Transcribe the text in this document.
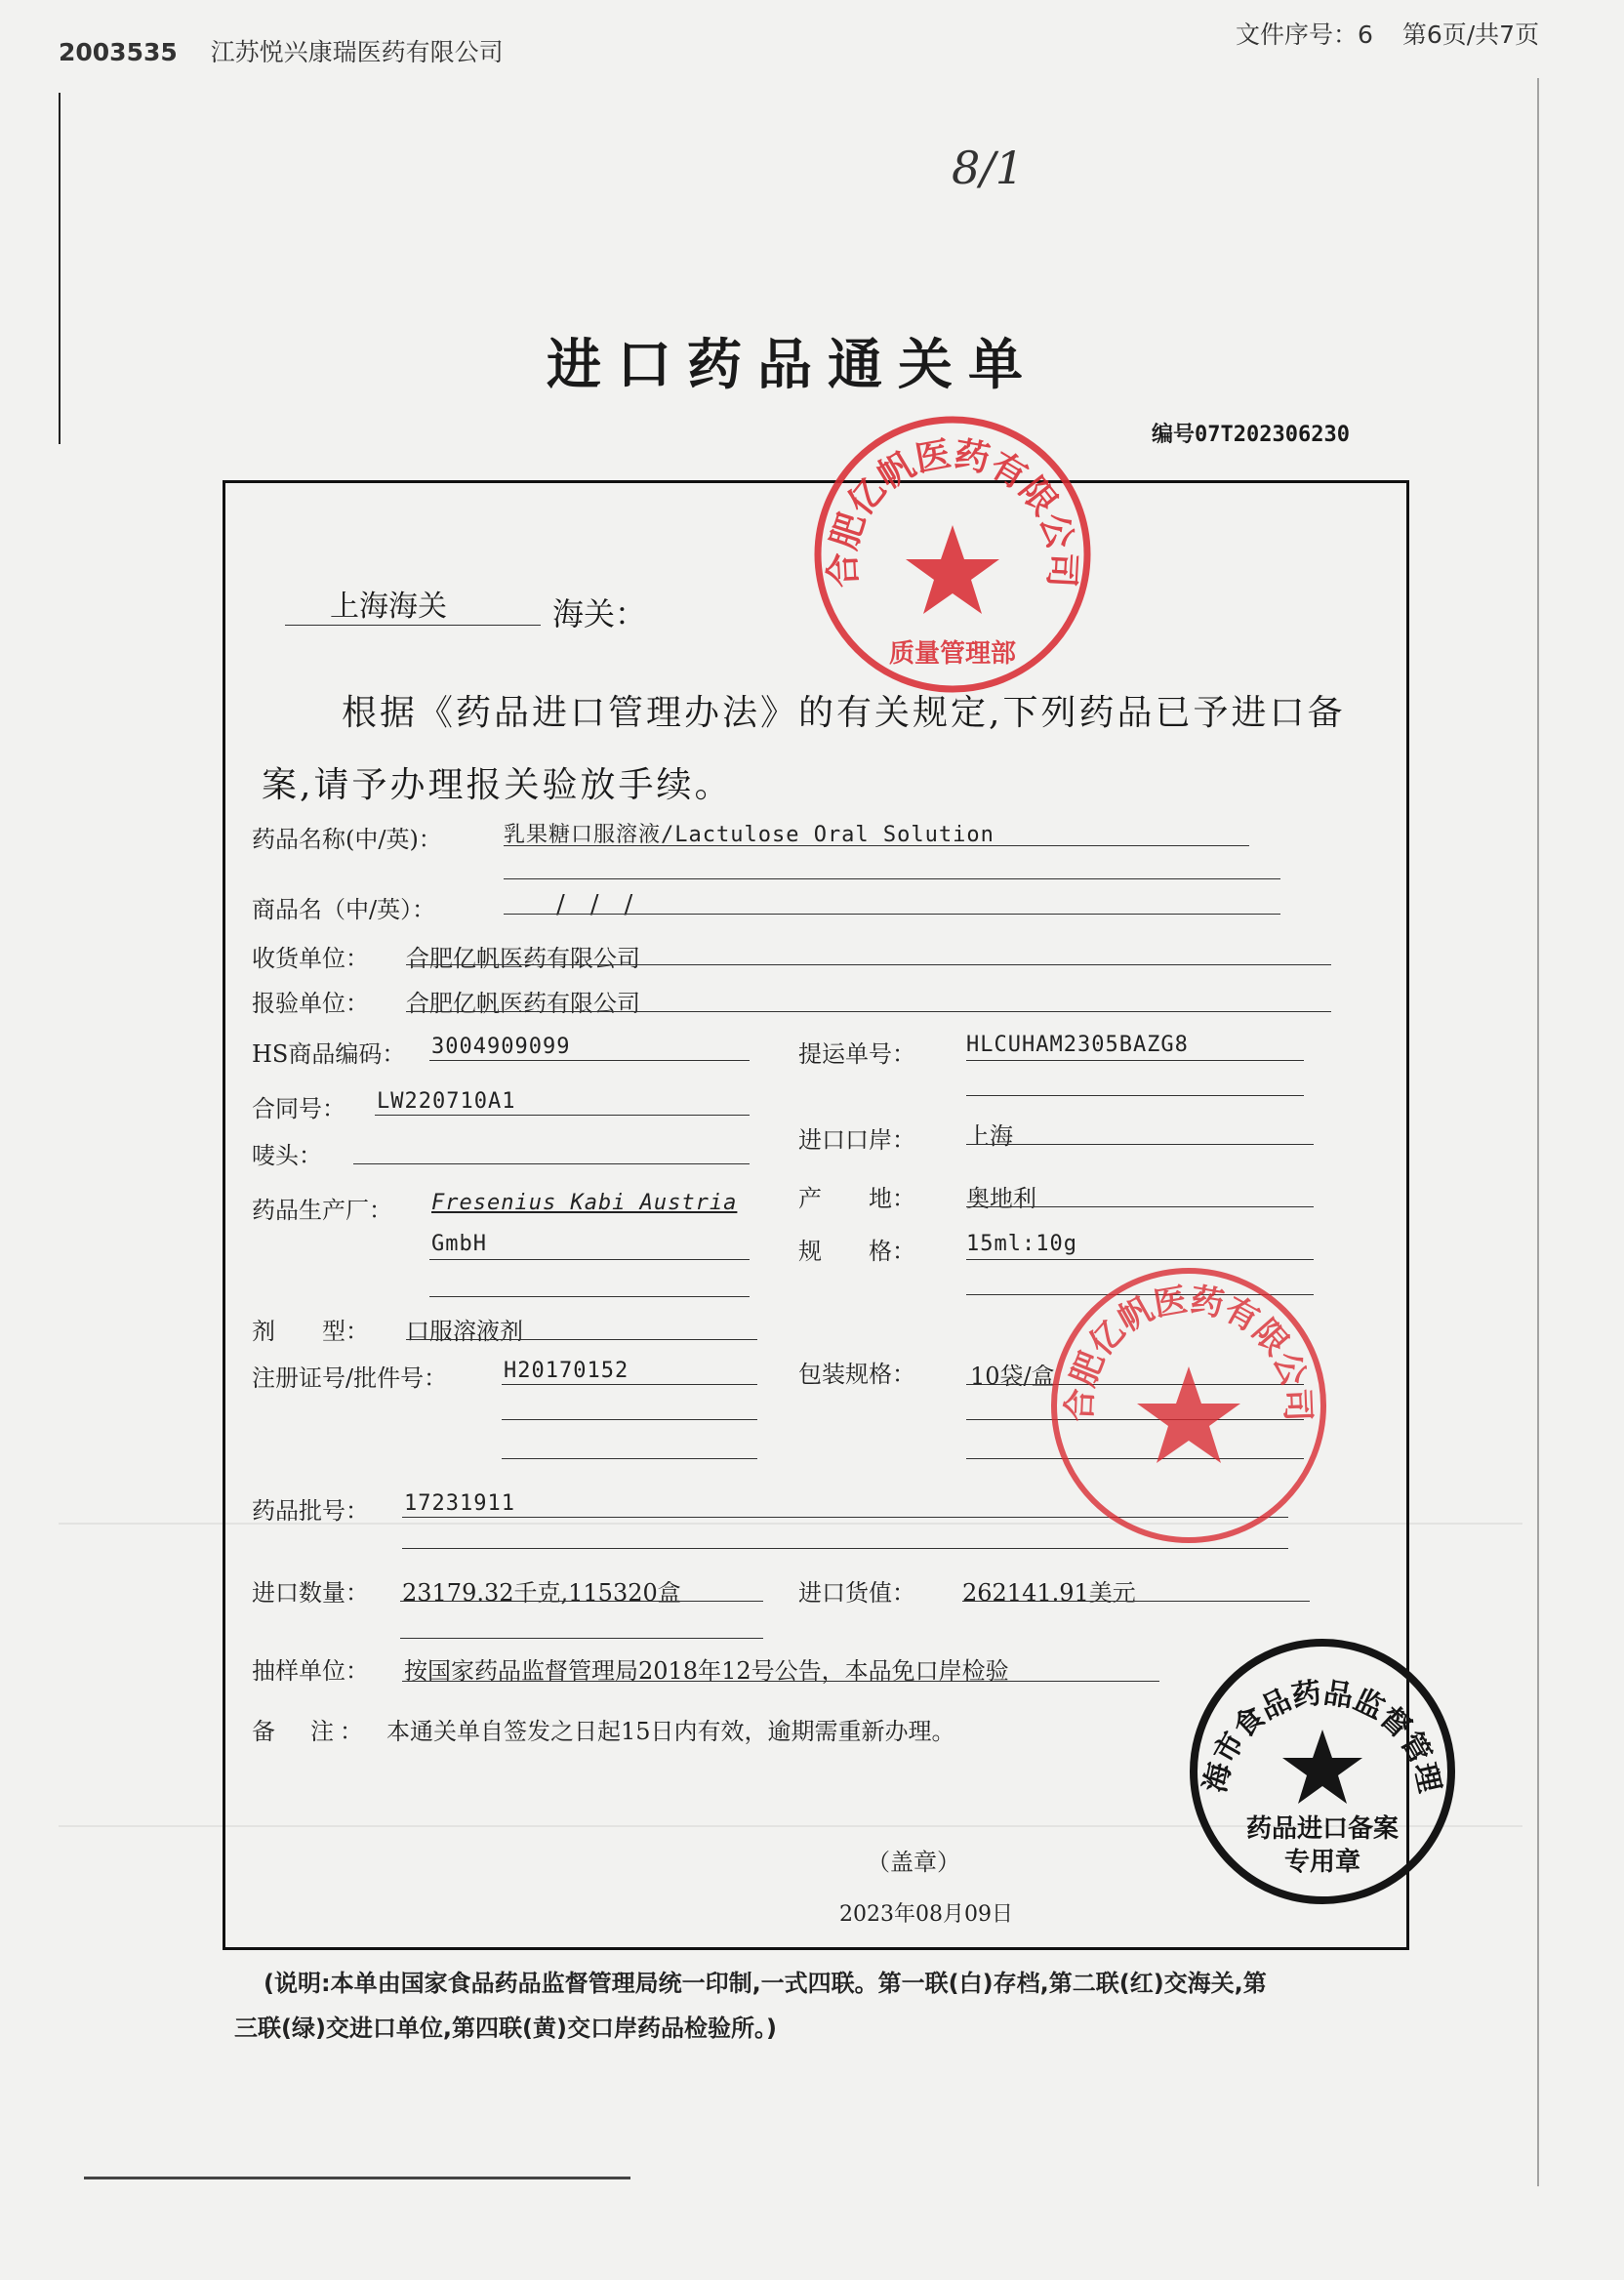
2003535 江苏悦兴康瑞医药有限公司
文件序号：6 第6页/共7页
8/1
进口药品通关单
编号07T202306230
上海海关	海关：
根据《药品进口管理办法》的有关规定,下列药品已予进口备
案,请予办理报关验放手续。
药品名称(中/英)：	乳果糖口服溶液/Lactulose Oral Solution
商品名（中/英）：	/　/　/
收货单位： 合肥亿帆医药有限公司
报验单位： 合肥亿帆医药有限公司
HS商品编码： 3004909099	提运单号： HLCUHAM2305BAZG8
合同号： LW220710A1
进口口岸： 上海
唛头：
药品生产厂： Fresenius Kabi Austria
GmbH
产　　地： 奥地利
规　　格： 15ml:10g
剂　　型： 口服溶液剂
注册证号/批件号：	H20170152	包装规格： 10袋/盒
药品批号： 17231911
进口数量： 23179.32千克,115320盒	进口货值： 262141.91美元
抽样单位： 按国家药品监督管理局2018年12号公告，本品免口岸检验
备　注： 本通关单自签发之日起15日内有效，逾期需重新办理。
（盖章）
2023年08月09日
(说明:本单由国家食品药品监督管理局统一印制,一式四联。第一联(白)存档,第二联(红)交海关,第
三联(绿)交进口单位,第四联(黄)交口岸药品检验所。)
合肥亿帆医药有限公司
质量管理部
合肥亿帆医药有限公司
海市食品药品监督管理
药品进口备案
专用章
